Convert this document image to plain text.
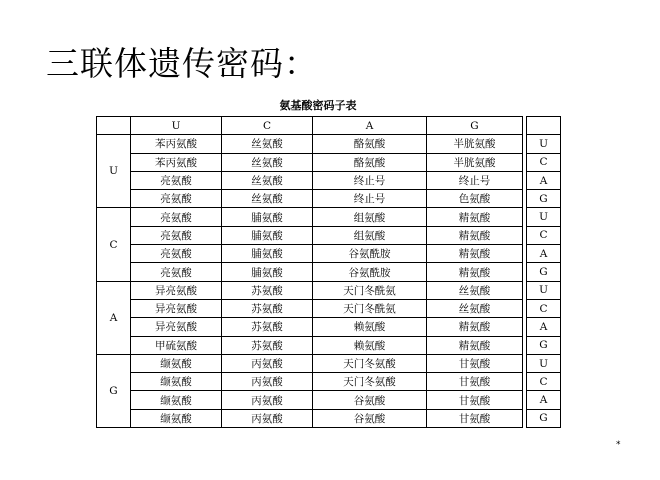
三联体遗传密码：
氨基酸密码子表
	U	C	A	G		
U	苯丙氨酸	丝氨酸	酪氨酸	半胱氨酸		U
	苯丙氨酸	丝氨酸	酪氨酸	半胱氨酸		C
	亮氨酸	丝氨酸	终止号	终止号		A
	亮氨酸	丝氨酸	终止号	色氨酸		G
C	亮氨酸	脯氨酸	组氨酸	精氨酸		U
	亮氨酸	脯氨酸	组氨酸	精氨酸		C
	亮氨酸	脯氨酸	谷氨酰胺	精氨酸		A
	亮氨酸	脯氨酸	谷氨酰胺	精氨酸		G
A	异亮氨酸	苏氨酸	天门冬酰氨	丝氨酸		U
	异亮氨酸	苏氨酸	天门冬酰氨	丝氨酸		C
	异亮氨酸	苏氨酸	赖氨酸	精氨酸		A
	甲硫氨酸	苏氨酸	赖氨酸	精氨酸		G
G	缬氨酸	丙氨酸	天门冬氨酸	甘氨酸		U
	缬氨酸	丙氨酸	天门冬氨酸	甘氨酸		C
	缬氨酸	丙氨酸	谷氨酸	甘氨酸		A
	缬氨酸	丙氨酸	谷氨酸	甘氨酸		G
*
